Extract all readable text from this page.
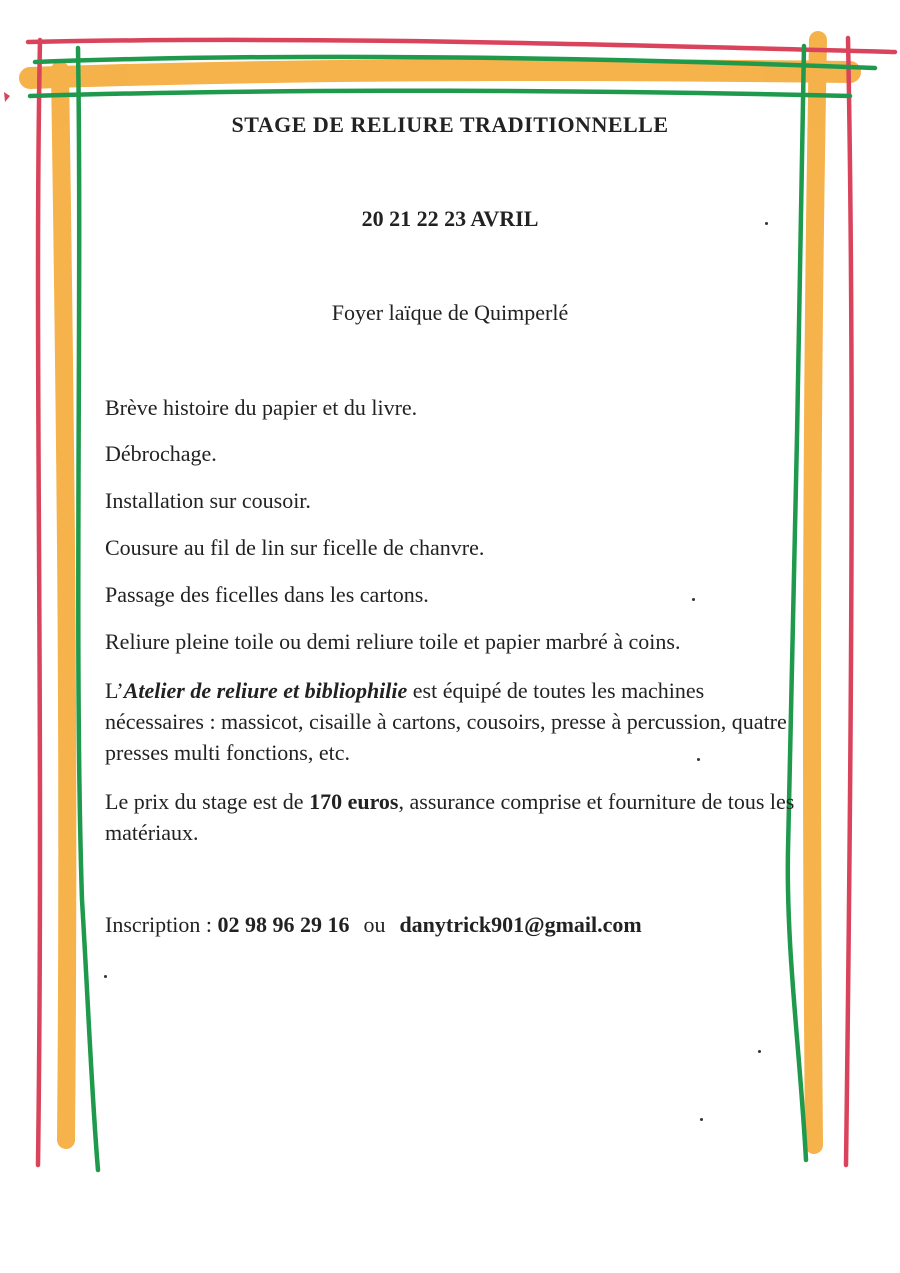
STAGE DE RELIURE TRADITIONNELLE
20 21 22 23 AVRIL
Foyer laïque de Quimperlé
Brève histoire du papier et du livre.
Débrochage.
Installation sur cousoir.
Cousure au fil de lin sur ficelle de chanvre.
Passage des ficelles dans les cartons.
Reliure pleine toile ou demi reliure toile et papier marbré à coins.
L’Atelier de reliure et bibliophilie est équipé de toutes les machines nécessaires : massicot, cisaille à cartons, cousoirs, presse à percussion, quatre presses multi fonctions, etc.
Le prix du stage est de 170 euros, assurance comprise et fourniture de tous les matériaux.
Inscription : 02 98 96 29 16 ou danytrick901@gmail.com
